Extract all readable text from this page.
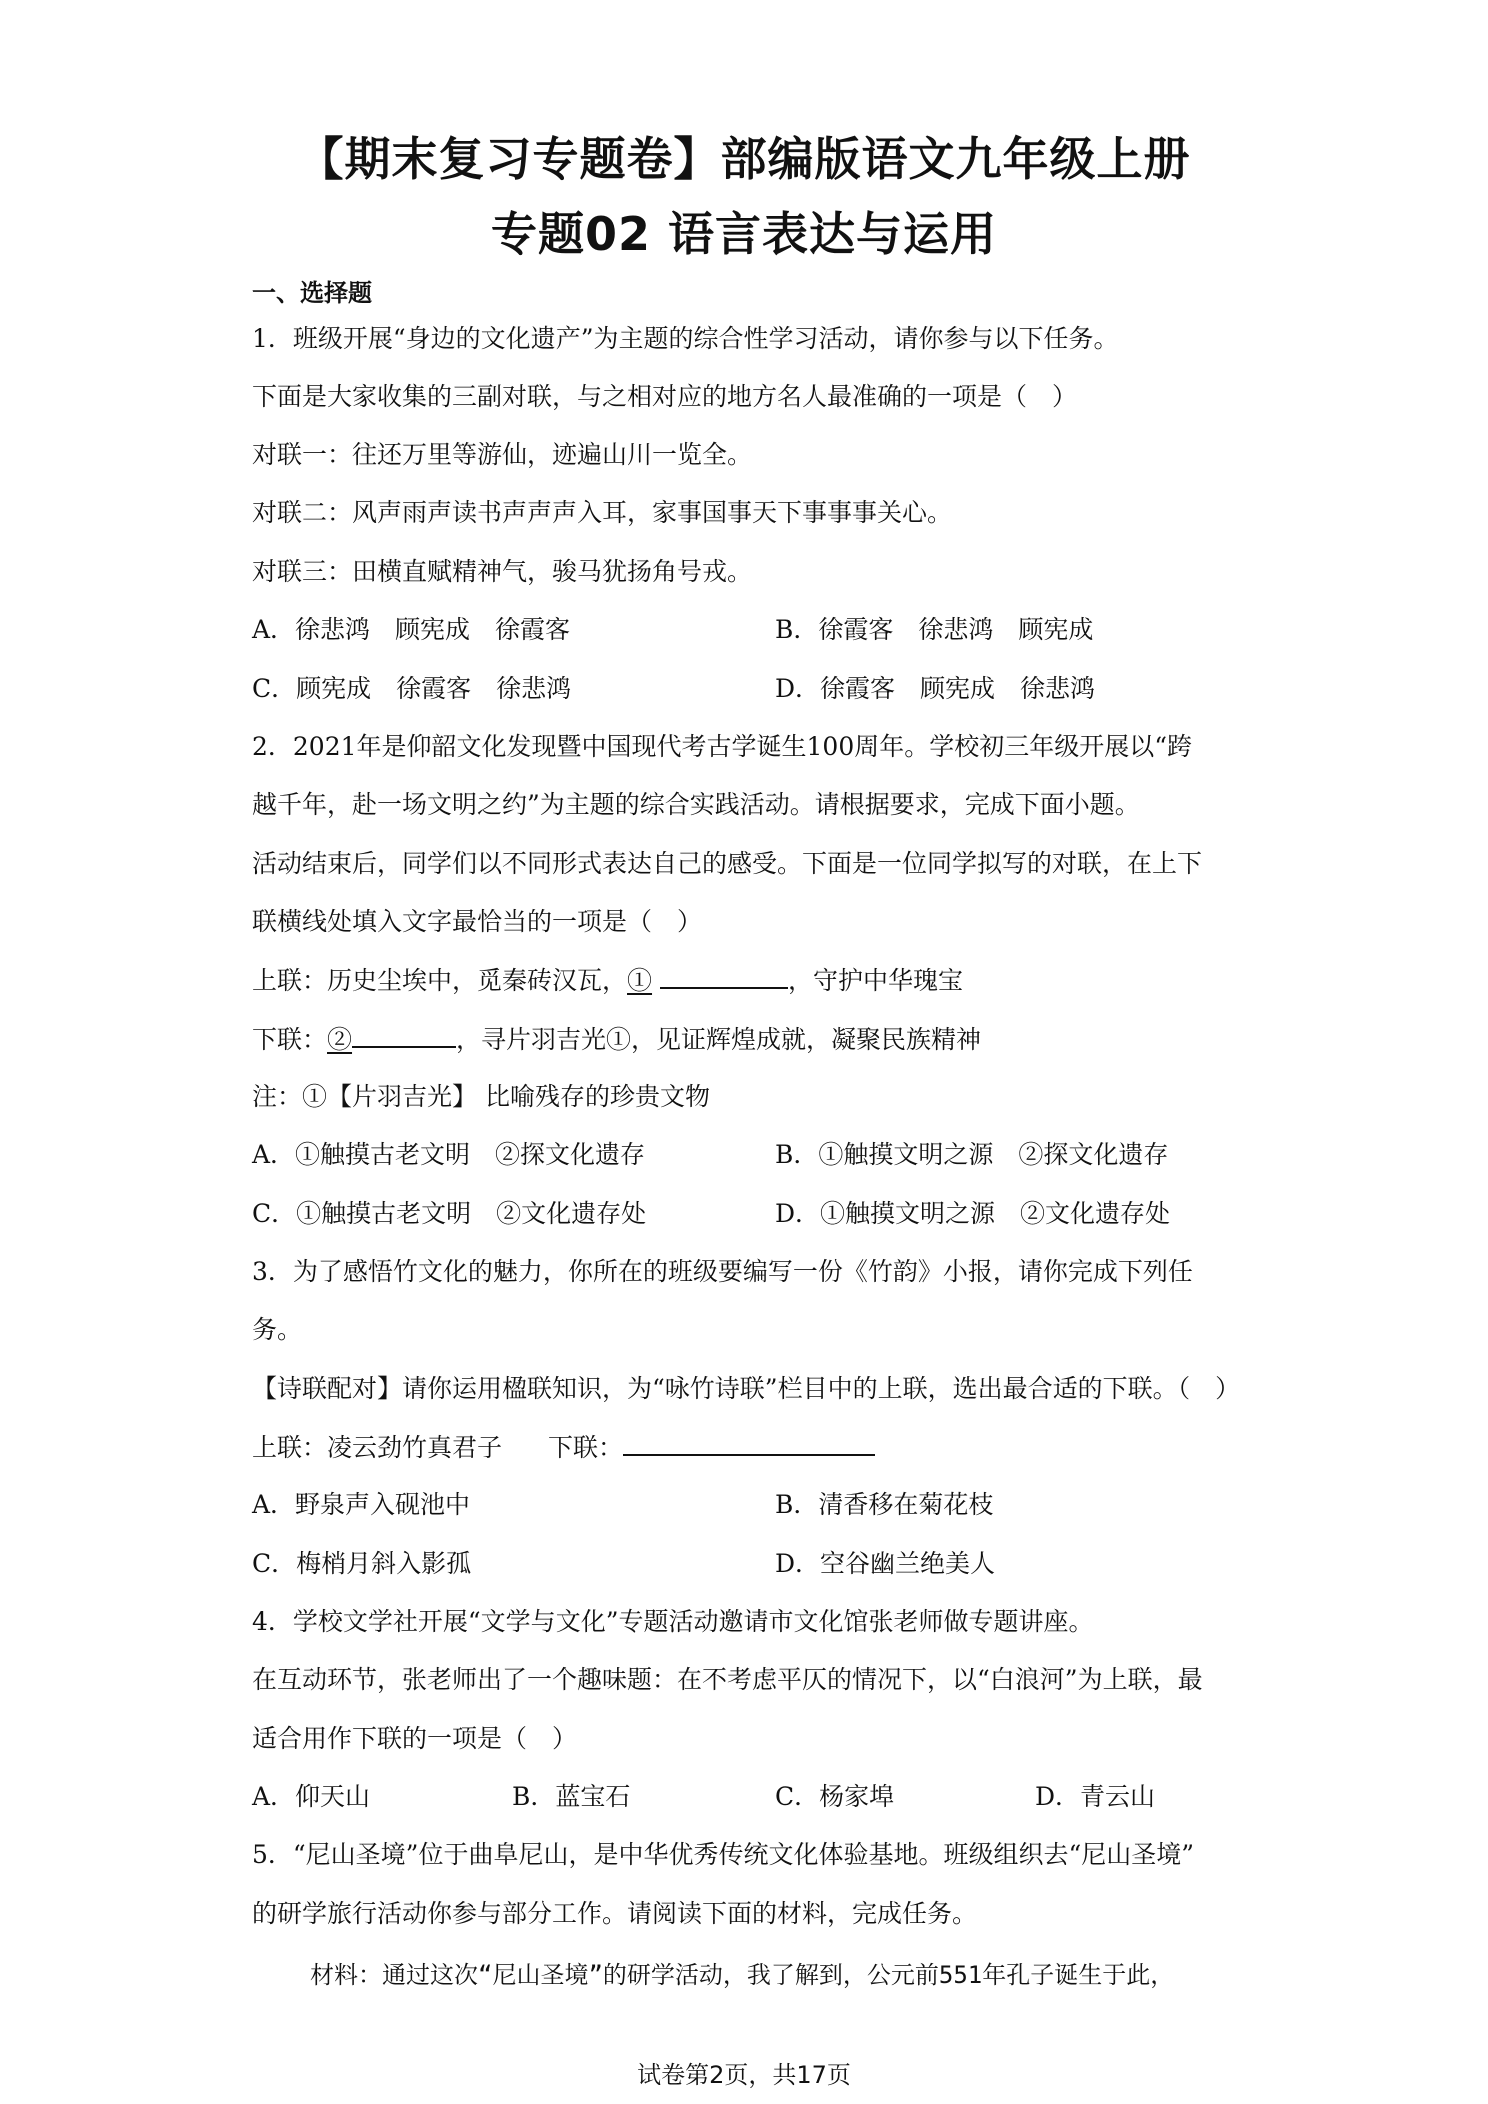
【期末复习专题卷】部编版语文九年级上册
专题02 语言表达与运用
一、选择题
1．班级开展“身边的文化遗产”为主题的综合性学习活动，请你参与以下任务。
下面是大家收集的三副对联，与之相对应的地方名人最准确的一项是（　）
对联一：往还万里等游仙，迹遍山川一览全。
对联二：风声雨声读书声声声入耳，家事国事天下事事事关心。
对联三：田横直赋精神气，骏马犹扬角号戎。
A．徐悲鸿　顾宪成　徐霞客	B．徐霞客　徐悲鸿　顾宪成
C．顾宪成　徐霞客　徐悲鸿	D．徐霞客　顾宪成　徐悲鸿
2．2021年是仰韶文化发现暨中国现代考古学诞生100周年。学校初三年级开展以“跨
越千年，赴一场文明之约”为主题的综合实践活动。请根据要求，完成下面小题。
活动结束后，同学们以不同形式表达自己的感受。下面是一位同学拟写的对联，在上下
联横线处填入文字最恰当的一项是（　）
上联：历史尘埃中，觅秦砖汉瓦，①	，守护中华瑰宝
下联：②	，寻片羽吉光①，见证辉煌成就，凝聚民族精神
注：①【片羽吉光】 比喻残存的珍贵文物
A．①触摸古老文明　②探文化遗存	B．①触摸文明之源　②探文化遗存
C．①触摸古老文明　②文化遗存处	D．①触摸文明之源　②文化遗存处
3．为了感悟竹文化的魅力，你所在的班级要编写一份《竹韵》小报，请你完成下列任
务。
【诗联配对】请你运用楹联知识，为“咏竹诗联”栏目中的上联，选出最合适的下联。（　）
上联：凌云劲竹真君子 下联：
A．野泉声入砚池中	B．清香移在菊花枝
C．梅梢月斜入影孤	D．空谷幽兰绝美人
4．学校文学社开展“文学与文化”专题活动邀请市文化馆张老师做专题讲座。
在互动环节，张老师出了一个趣味题：在不考虑平仄的情况下，以“白浪河”为上联，最
适合用作下联的一项是（　）
A．仰天山	B．蓝宝石	C．杨家埠	D．青云山
5．“尼山圣境”位于曲阜尼山，是中华优秀传统文化体验基地。班级组织去“尼山圣境”
的研学旅行活动你参与部分工作。请阅读下面的材料，完成任务。
材料：通过这次“尼山圣境”的研学活动，我了解到，公元前551年孔子诞生于此，
试卷第2页，共17页
